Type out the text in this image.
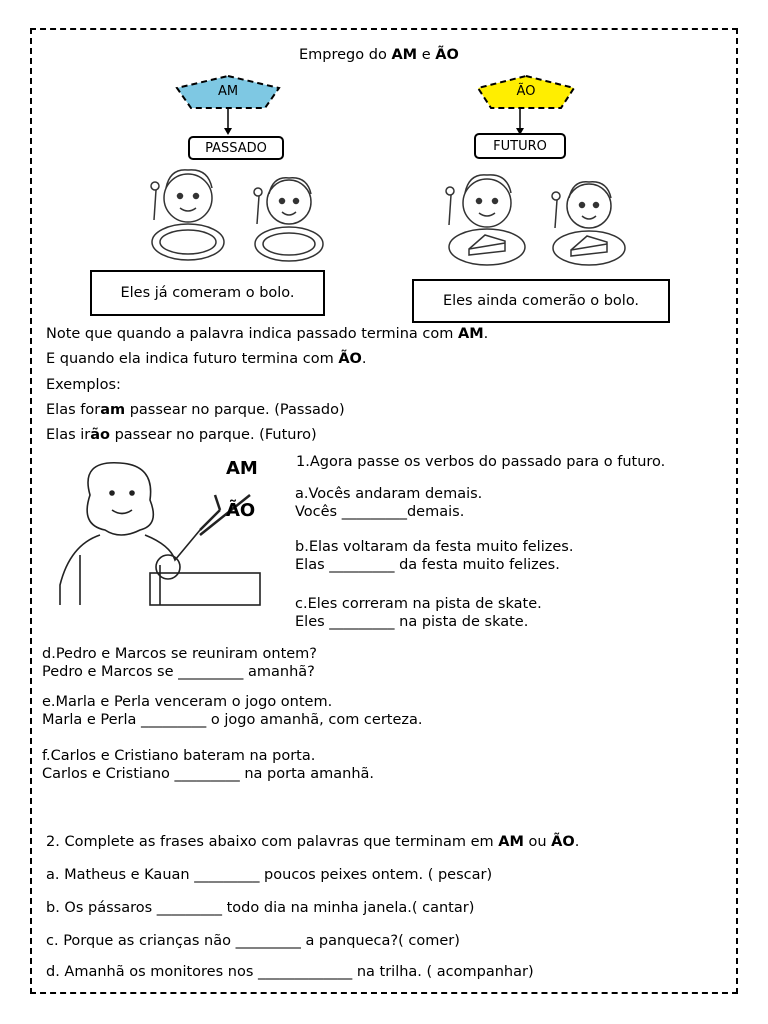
Emprego do AM e ÃO
AM
PASSADO
ÃO
FUTURO
Eles já comeram o bolo.	Eles ainda comerão o bolo.
Note que quando a palavra indica passado termina com AM.
E quando ela indica futuro termina com ÃO.
Exemplos:
Elas foram passear no parque. (Passado)
Elas irão passear no parque. (Futuro)
AM
ÃO
1.Agora passe os verbos do passado para o futuro.
a.Vocês andaram demais.
Vocês _________demais.
b.Elas voltaram da festa muito felizes.
Elas _________ da festa muito felizes.
c.Eles correram na pista de skate.
Eles _________ na pista de skate.
d.Pedro e Marcos se reuniram ontem?
Pedro e Marcos se _________ amanhã?
e.Marla e Perla venceram o jogo ontem.
Marla e Perla _________ o jogo amanhã, com certeza.
f.Carlos e Cristiano bateram na porta.
Carlos e Cristiano _________ na porta amanhã.
2. Complete as frases abaixo com palavras que terminam em AM ou ÃO.
a. Matheus e Kauan _________ poucos peixes ontem. ( pescar)
b. Os pássaros _________ todo dia na minha janela.( cantar)
c. Porque as crianças não _________ a panqueca?( comer)
d. Amanhã os monitores nos _____________ na trilha. ( acompanhar)
